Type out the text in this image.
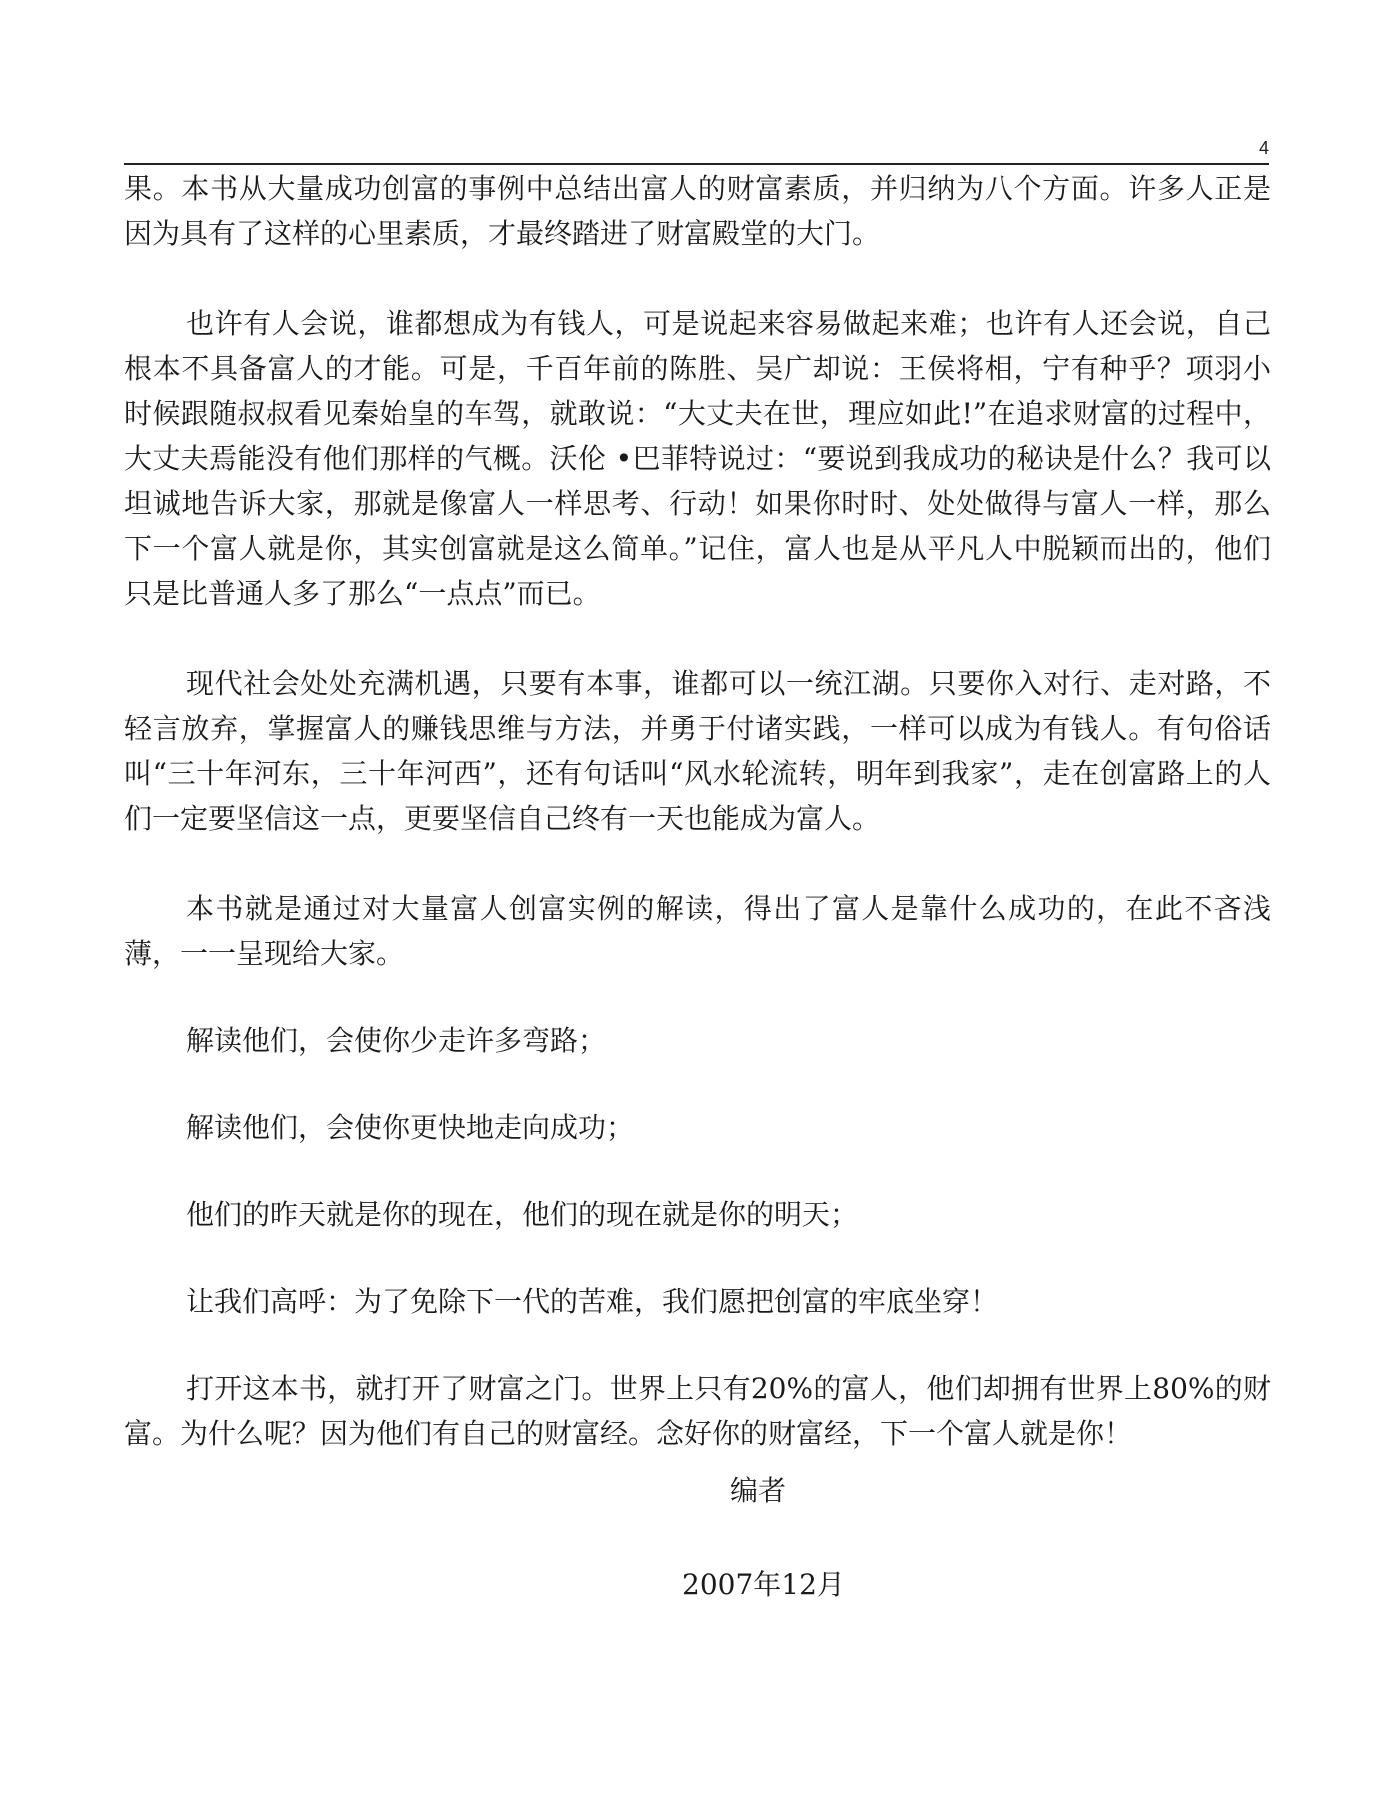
4

果。本书从大量成功创富的事例中总结出富人的财富素质，并归纳为八个方面。许多人正是因为具有了这样的心里素质，才最终踏进了财富殿堂的大门。

也许有人会说，谁都想成为有钱人，可是说起来容易做起来难；也许有人还会说，自己根本不具备富人的才能。可是，千百年前的陈胜、吴广却说：王侯将相，宁有种乎？项羽小时候跟随叔叔看见秦始皇的车驾，就敢说：“大丈夫在世，理应如此!”在追求财富的过程中，大丈夫焉能没有他们那样的气概。沃伦 •巴菲特说过：“要说到我成功的秘诀是什么？我可以坦诚地告诉大家，那就是像富人一样思考、行动！如果你时时、处处做得与富人一样，那么下一个富人就是你，其实创富就是这么简单。”记住，富人也是从平凡人中脱颖而出的，他们只是比普通人多了那么“一点点”而已。

现代社会处处充满机遇，只要有本事，谁都可以一统江湖。只要你入对行、走对路，不轻言放弃，掌握富人的赚钱思维与方法，并勇于付诸实践，一样可以成为有钱人。有句俗话叫“三十年河东，三十年河西”，还有句话叫“风水轮流转，明年到我家”，走在创富路上的人们一定要坚信这一点，更要坚信自己终有一天也能成为富人。

本书就是通过对大量富人创富实例的解读，得出了富人是靠什么成功的，在此不吝浅薄，一一呈现给大家。

解读他们，会使你少走许多弯路；

解读他们，会使你更快地走向成功；

他们的昨天就是你的现在，他们的现在就是你的明天；

让我们高呼：为了免除下一代的苦难，我们愿把创富的牢底坐穿！

打开这本书，就打开了财富之门。世界上只有20%的富人，他们却拥有世界上80%的财富。为什么呢？因为他们有自己的财富经。念好你的财富经，下一个富人就是你！

编者
2007年12月
